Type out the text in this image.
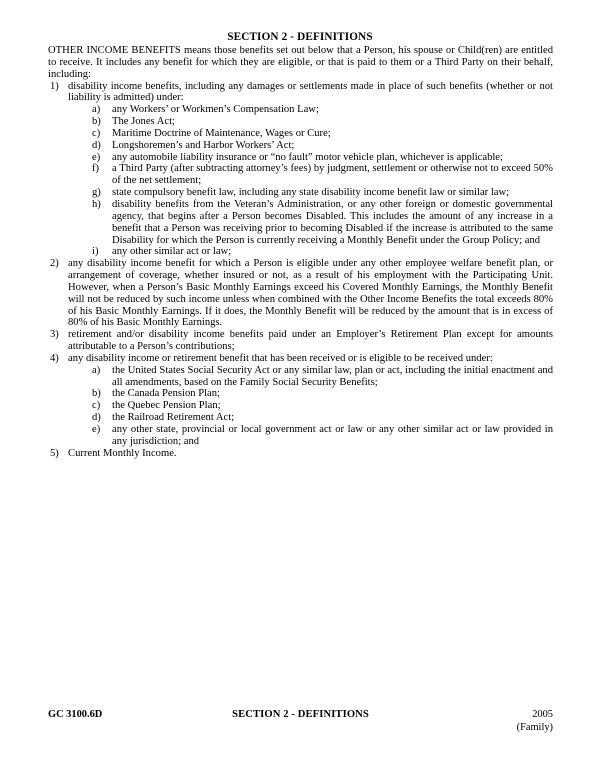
SECTION 2 - DEFINITIONS

OTHER INCOME BENEFITS means those benefits set out below that a Person, his spouse or Child(ren) are entitled to receive. It includes any benefit for which they are eligible, or that is paid to them or a Third Party on their behalf, including:

1) disability income benefits, including any damages or settlements made in place of such benefits (whether or not liability is admitted) under:
a)	any Workers’ or Workmen’s Compensation Law;
b)	The Jones Act;
c)	Maritime Doctrine of Maintenance, Wages or Cure;
d)	Longshoremen’s and Harbor Workers’ Act;
e)	any automobile liability insurance or “no fault” motor vehicle plan, whichever is applicable;
f)	a Third Party (after subtracting attorney’s fees) by judgment, settlement or otherwise not to exceed 50% of the net settlement;
g)	state compulsory benefit law, including any state disability income benefit law or similar law;
h)	disability benefits from the Veteran’s Administration, or any other foreign or domestic governmental agency, that begins after a Person becomes Disabled. This includes the amount of any increase in a benefit that a Person was receiving prior to becoming Disabled if the increase is attributed to the same Disability for which the Person is currently receiving a Monthly Benefit under the Group Policy; and
i)	any other similar act or law;
2) any disability income benefit for which a Person is eligible under any other employee welfare benefit plan, or arrangement of coverage, whether insured or not, as a result of his employment with the Participating Unit. However, when a Person’s Basic Monthly Earnings exceed his Covered Monthly Earnings, the Monthly Benefit will not be reduced by such income unless when combined with the Other Income Benefits the total exceeds 80% of his Basic Monthly Earnings. If it does, the Monthly Benefit will be reduced by the amount that is in excess of 80% of his Basic Monthly Earnings.
3) retirement and/or disability income benefits paid under an Employer’s Retirement Plan except for amounts attributable to a Person’s contributions;
4) any disability income or retirement benefit that has been received or is eligible to be received under:
a)	the United States Social Security Act or any similar law, plan or act, including the initial enactment and all amendments, based on the Family Social Security Benefits;
b)	the Canada Pension Plan;
c)	the Quebec Pension Plan;
d)	the Railroad Retirement Act;
e)	any other state, provincial or local government act or law or any other similar act or law provided in any jurisdiction; and
5) Current Monthly Income.
GC 3100.6D	SECTION 2 - DEFINITIONS	2005
(Family)
